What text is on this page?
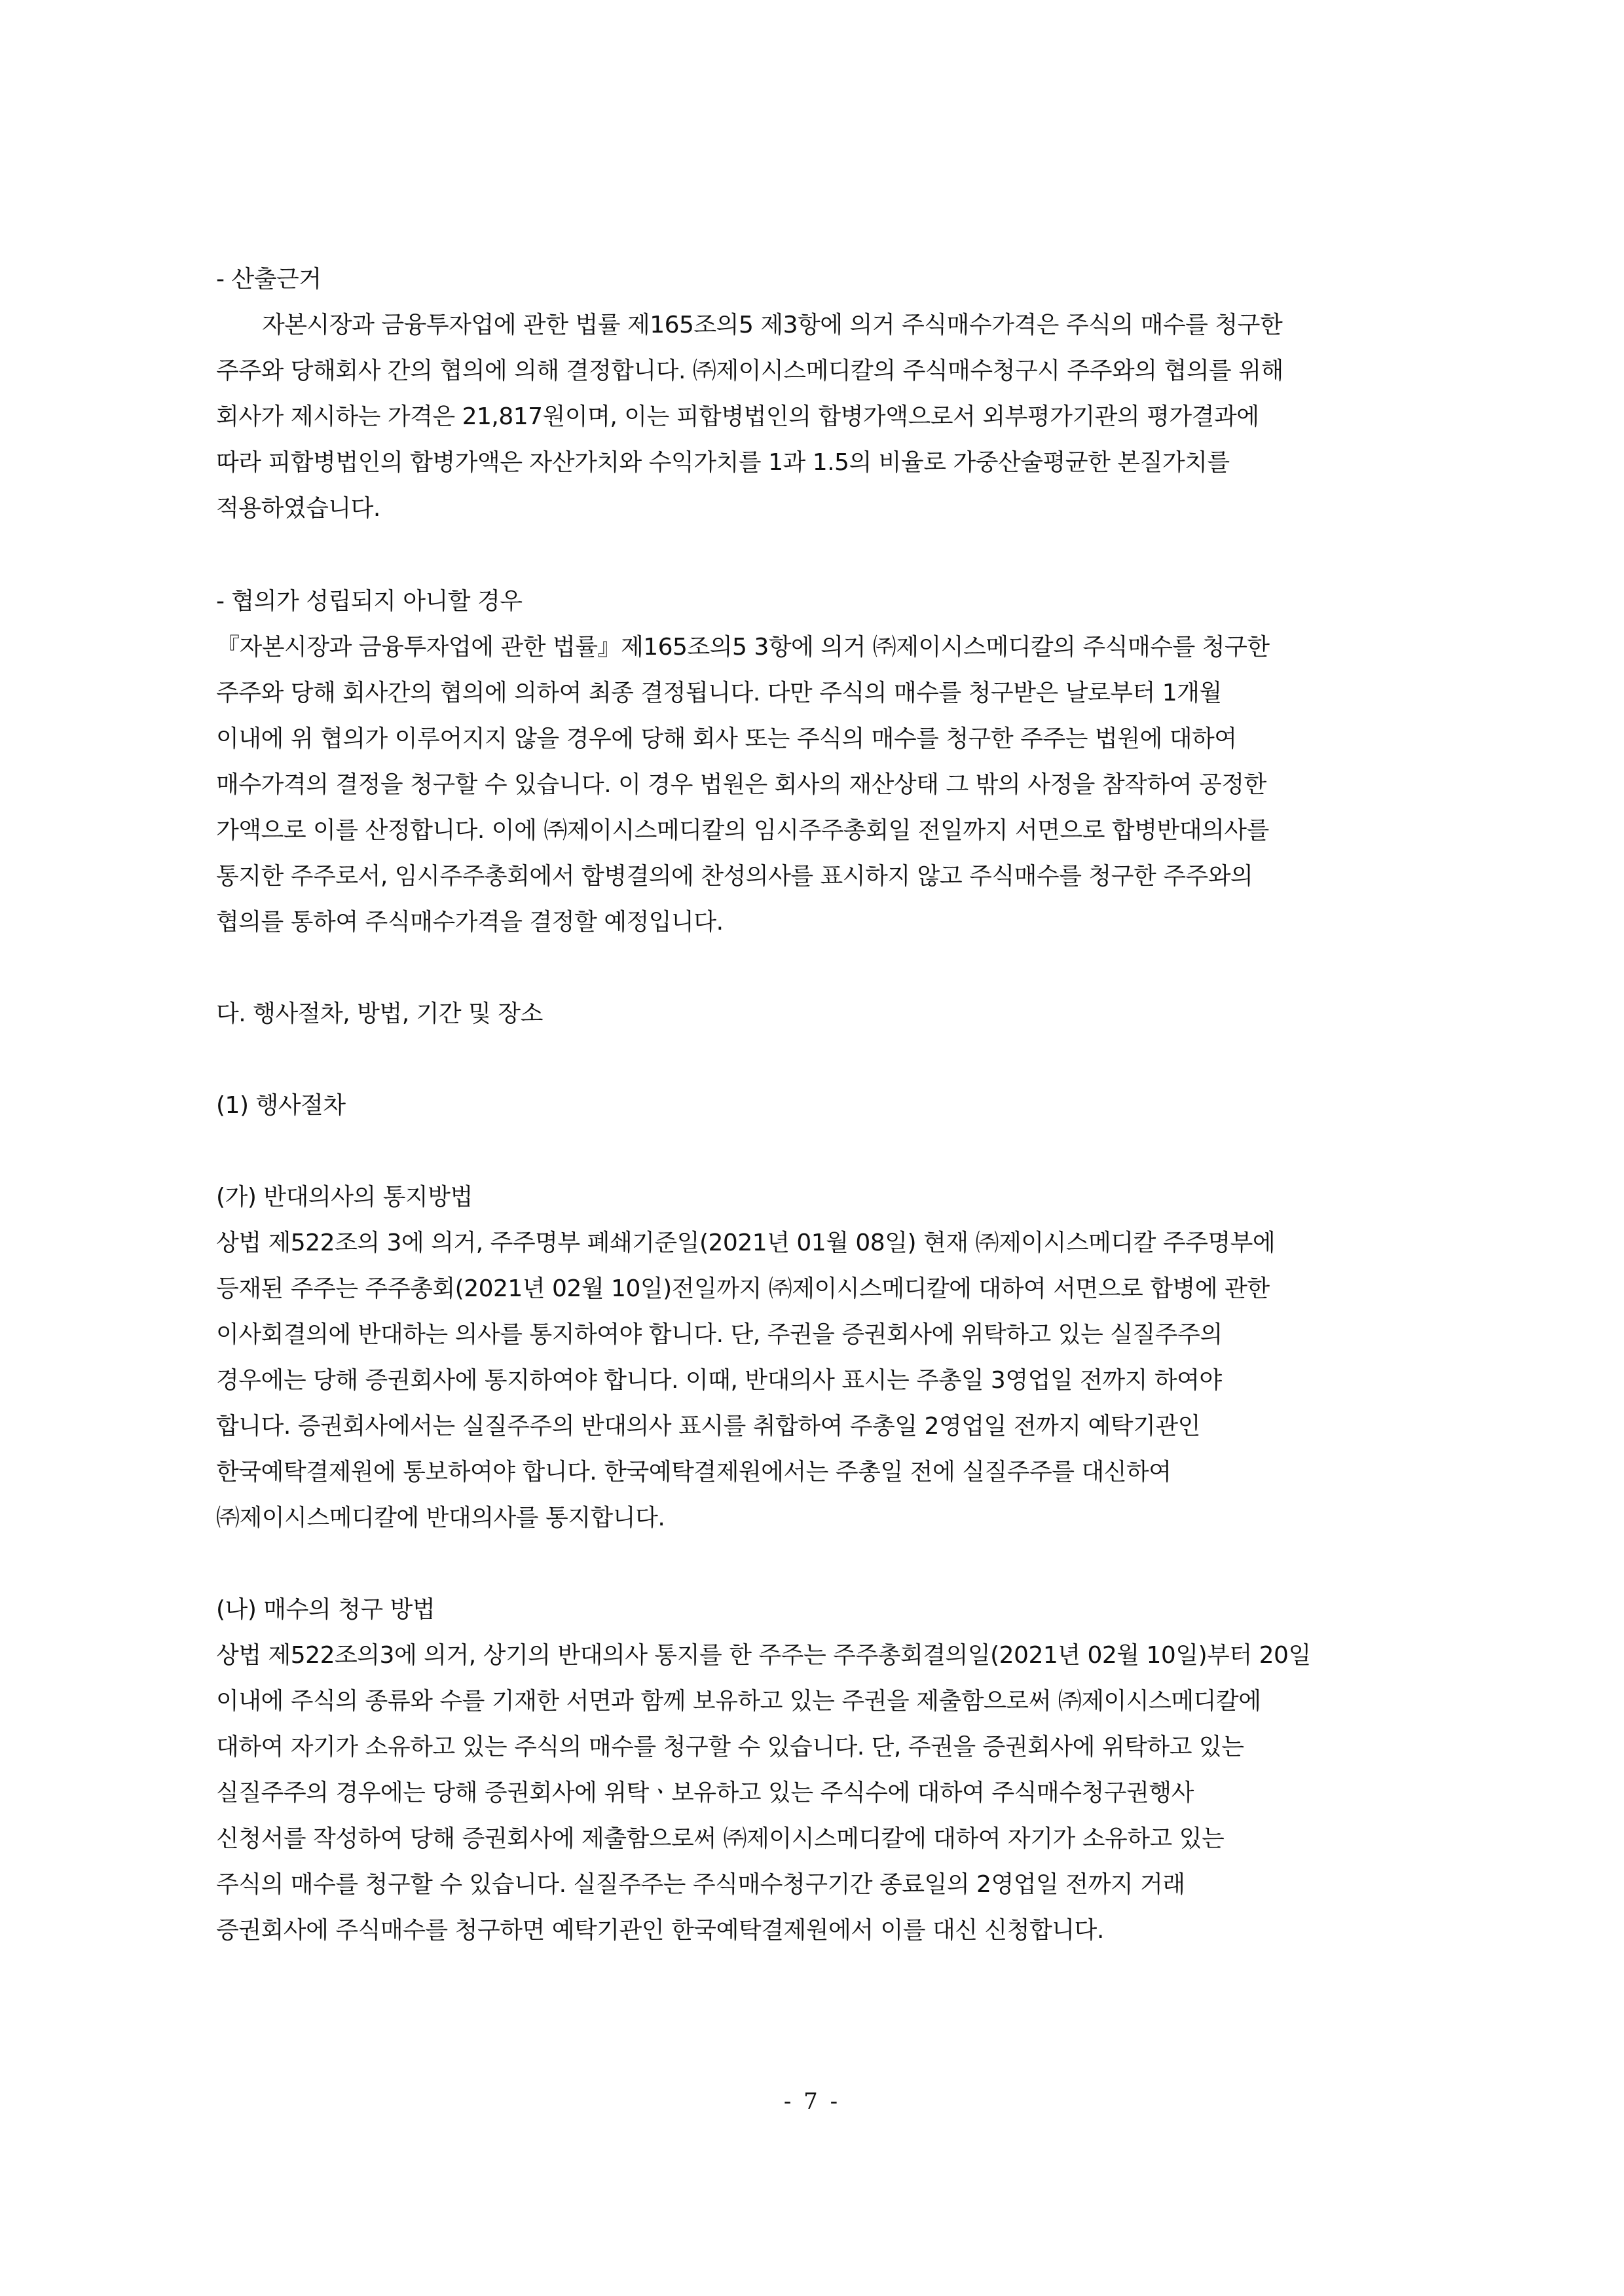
- 산출근거
자본시장과 금융투자업에 관한 법률 제165조의5 제3항에 의거 주식매수가격은 주식의 매수를 청구한
주주와 당해회사 간의 협의에 의해 결정합니다. ㈜제이시스메디칼의 주식매수청구시 주주와의 협의를 위해
회사가 제시하는 가격은 21,817원이며, 이는 피합병법인의 합병가액으로서 외부평가기관의 평가결과에
따라 피합병법인의 합병가액은 자산가치와 수익가치를 1과 1.5의 비율로 가중산술평균한 본질가치를
적용하였습니다.
- 협의가 성립되지 아니할 경우
『자본시장과 금융투자업에 관한 법률』제165조의5 3항에 의거 ㈜제이시스메디칼의 주식매수를 청구한
주주와 당해 회사간의 협의에 의하여 최종 결정됩니다. 다만 주식의 매수를 청구받은 날로부터 1개월
이내에 위 협의가 이루어지지 않을 경우에 당해 회사 또는 주식의 매수를 청구한 주주는 법원에 대하여
매수가격의 결정을 청구할 수 있습니다. 이 경우 법원은 회사의 재산상태 그 밖의 사정을 참작하여 공정한
가액으로 이를 산정합니다. 이에 ㈜제이시스메디칼의 임시주주총회일 전일까지 서면으로 합병반대의사를
통지한 주주로서, 임시주주총회에서 합병결의에 찬성의사를 표시하지 않고 주식매수를 청구한 주주와의
협의를 통하여 주식매수가격을 결정할 예정입니다.
다. 행사절차, 방법, 기간 및 장소
(1) 행사절차
(가) 반대의사의 통지방법
상법 제522조의 3에 의거, 주주명부 폐쇄기준일(2021년 01월 08일) 현재 ㈜제이시스메디칼 주주명부에
등재된 주주는 주주총회(2021년 02월 10일)전일까지 ㈜제이시스메디칼에 대하여 서면으로 합병에 관한
이사회결의에 반대하는 의사를 통지하여야 합니다. 단, 주권을 증권회사에 위탁하고 있는 실질주주의
경우에는 당해 증권회사에 통지하여야 합니다. 이때, 반대의사 표시는 주총일 3영업일 전까지 하여야
합니다. 증권회사에서는 실질주주의 반대의사 표시를 취합하여 주총일 2영업일 전까지 예탁기관인
한국예탁결제원에 통보하여야 합니다. 한국예탁결제원에서는 주총일 전에 실질주주를 대신하여
㈜제이시스메디칼에 반대의사를 통지합니다.
(나) 매수의 청구 방법
상법 제522조의3에 의거, 상기의 반대의사 통지를 한 주주는 주주총회결의일(2021년 02월 10일)부터 20일
이내에 주식의 종류와 수를 기재한 서면과 함께 보유하고 있는 주권을 제출함으로써 ㈜제이시스메디칼에
대하여 자기가 소유하고 있는 주식의 매수를 청구할 수 있습니다. 단, 주권을 증권회사에 위탁하고 있는
실질주주의 경우에는 당해 증권회사에 위탁ㆍ보유하고 있는 주식수에 대하여 주식매수청구권행사
신청서를 작성하여 당해 증권회사에 제출함으로써 ㈜제이시스메디칼에 대하여 자기가 소유하고 있는
주식의 매수를 청구할 수 있습니다. 실질주주는 주식매수청구기간 종료일의 2영업일 전까지 거래
증권회사에 주식매수를 청구하면 예탁기관인 한국예탁결제원에서 이를 대신 신청합니다.
- 7 -
